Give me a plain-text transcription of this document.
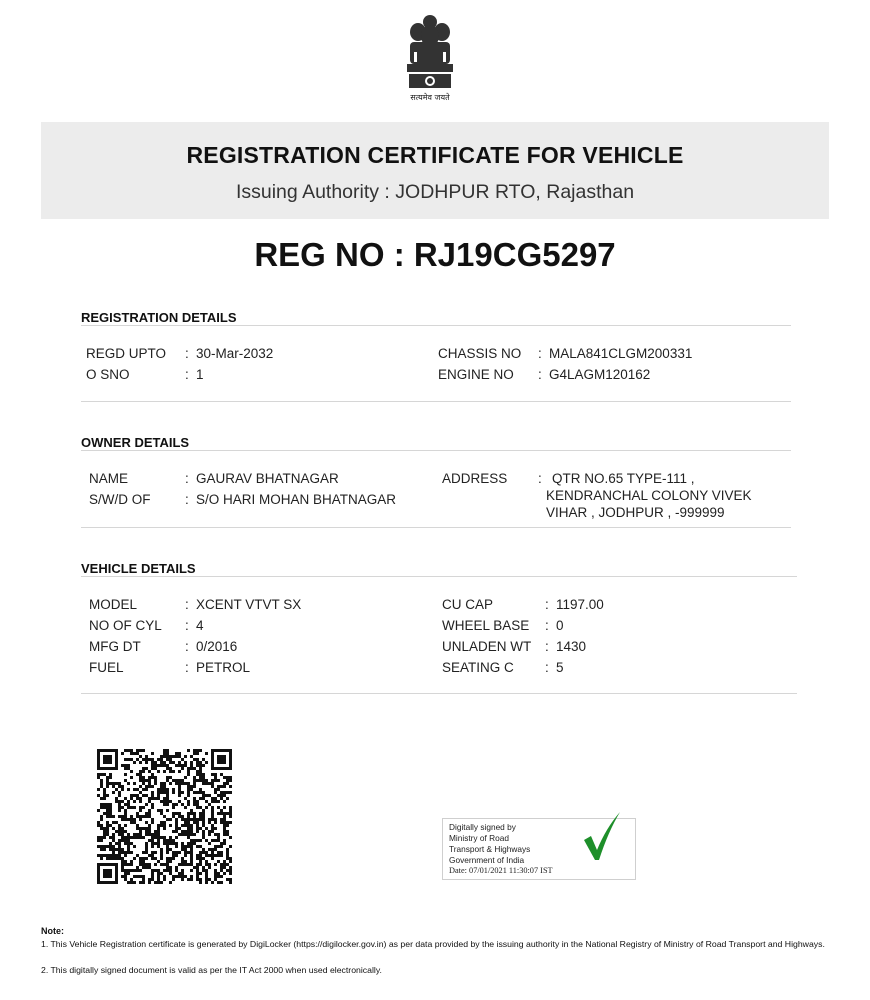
सत्यमेव जयते
REGISTRATION CERTIFICATE FOR VEHICLE
Issuing Authority : JODHPUR RTO, Rajasthan
REG NO : RJ19CG5297
REGISTRATION DETAILS
REGD UPTO : 30-Mar-2032	CHASSIS NO : MALA841CLGM200331
O SNO	: 1	ENGINE NO : G4LAGM120162
OWNER DETAILS
NAME	: GAURAV BHATNAGAR	ADDRESS : QTR NO.65 TYPE-111 ,
KENDRANCHAL COLONY VIVEK
S/W/D OF	: S/O HARI MOHAN BHATNAGAR
VIHAR , JODHPUR , -999999
VEHICLE DETAILS
MODEL	: XCENT VTVT SX	CU CAP	: 1197.00
NO OF CYL : 4	WHEEL BASE : 0
MFG DT	: 0/2016	UNLADEN WT : 1430
FUEL	: PETROL	SEATING C : 5
Digitally signed by
Ministry of Road
Transport & Highways
Government of India
Date: 07/01/2021 11:30:07 IST
Note:
1. This Vehicle Registration certificate is generated by DigiLocker (https://digilocker.gov.in) as per data provided by the issuing authority in the National Registry of Ministry of Road Transport and Highways.
2. This digitally signed document is valid as per the IT Act 2000 when used electronically.
